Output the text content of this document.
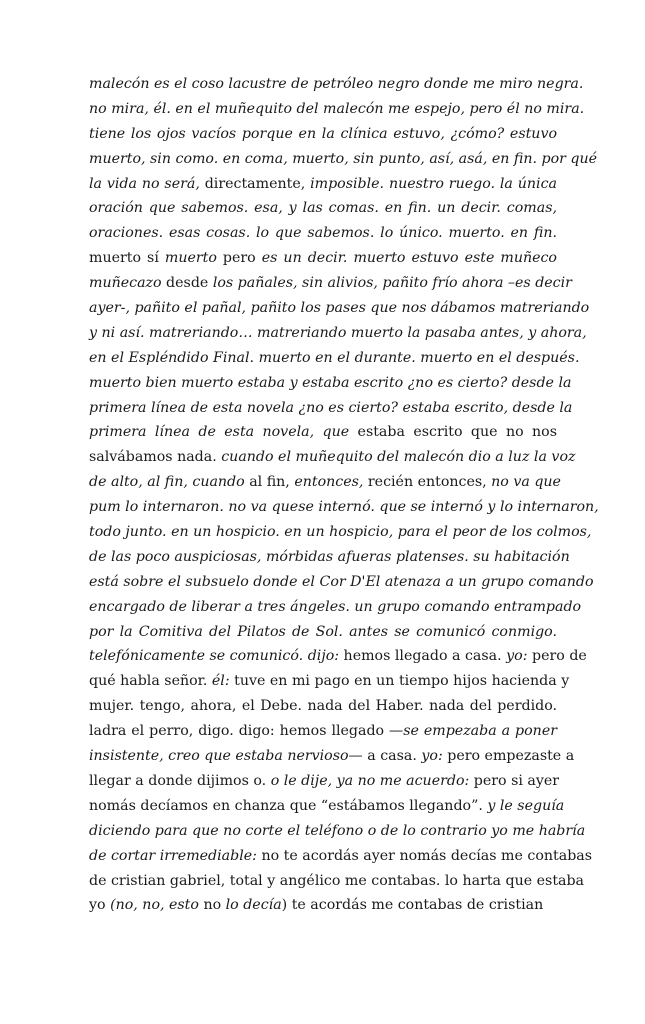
malecón es el coso lacustre de petróleo negro donde me miro negra.
no mira, él. en el muñequito del malecón me espejo, pero él no mira.
tiene los ojos vacíos porque en la clínica estuvo, ¿cómo? estuvo
muerto, sin como. en coma, muerto, sin punto, así, asá, en fin. por qué
la vida no será, directamente, imposible. nuestro ruego. la única
oración que sabemos. esa, y las comas. en fin. un decir. comas,
oraciones. esas cosas. lo que sabemos. lo único. muerto. en fin.
muerto sí muerto pero es un decir. muerto estuvo este muñeco
muñecazo desde los pañales, sin alivios, pañito frío ahora –es decir
ayer-, pañito el pañal, pañito los pases que nos dábamos matreriando
y ni así. matreriando… matreriando muerto la pasaba antes, y ahora,
en el Espléndido Final. muerto en el durante. muerto en el después.
muerto bien muerto estaba y estaba escrito ¿no es cierto? desde la
primera línea de esta novela ¿no es cierto? estaba escrito, desde la
primera línea de esta novela, que estaba escrito que no nos
salvábamos nada. cuando el muñequito del malecón dio a luz la voz
de alto, al fin, cuando al fin, entonces, recién entonces, no va que
pum lo internaron. no va quese internó. que se internó y lo internaron,
todo junto. en un hospicio. en un hospicio, para el peor de los colmos,
de las poco auspiciosas, mórbidas afueras platenses. su habitación
está sobre el subsuelo donde el Cor D'El atenaza a un grupo comando
encargado de liberar a tres ángeles. un grupo comando entrampado
por la Comitiva del Pilatos de Sol. antes se comunicó conmigo.
telefónicamente se comunicó. dijo: hemos llegado a casa. yo: pero de
qué habla señor. él: tuve en mi pago en un tiempo hijos hacienda y
mujer. tengo, ahora, el Debe. nada del Haber. nada del perdido.
ladra el perro, digo. digo: hemos llegado —se empezaba a poner
insistente, creo que estaba nervioso— a casa. yo: pero empezaste a
llegar a donde dijimos o. o le dije, ya no me acuerdo: pero si ayer
nomás decíamos en chanza que “estábamos llegando”. y le seguía
diciendo para que no corte el teléfono o de lo contrario yo me habría
de cortar irremediable: no te acordás ayer nomás decías me contabas
de cristian gabriel, total y angélico me contabas. lo harta que estaba
yo (no, no, esto no lo decía) te acordás me contabas de cristian
